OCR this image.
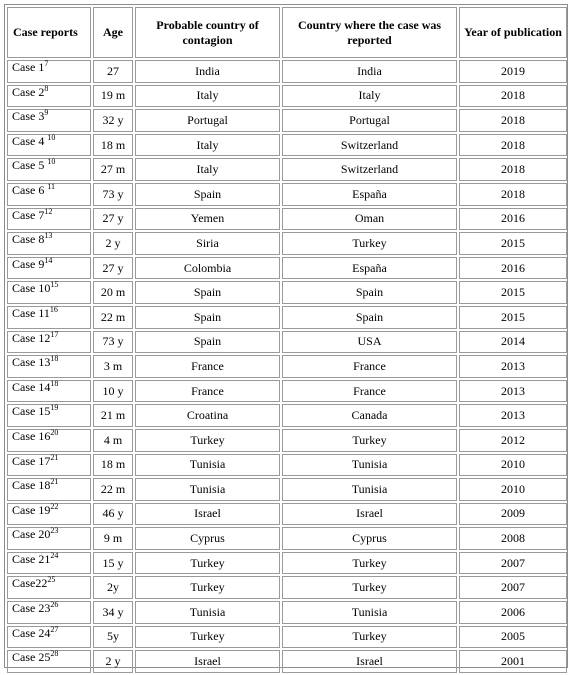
Case reports	Age	Probable country of contagion	Country where the case was reported	Year of publication
Case $1^7$	27	India	India	2019
Case $2^8$	19 m	Italy	Italy	2018
Case $3^9$	32 y	Portugal	Portugal	2018
Case 4 $^{10}$	18 m	Italy	Switzerland	2018
Case 5 $^{10}$	27 m	Italy	Switzerland	2018
Case 6 $^{11}$	73 y	Spain	España	2018
Case $7^{12}$	27 y	Yemen	Oman	2016
Case $8^{13}$	2 y	Siria	Turkey	2015
Case $9^{14}$	27 y	Colombia	España	2016
Case $10^{15}$	20 m	Spain	Spain	2015
Case $11^{16}$	22 m	Spain	Spain	2015
Case $12^{17}$	73 y	Spain	USA	2014
Case $13^{18}$	3 m	France	France	2013
Case $14^{18}$	10 y	France	France	2013
Case $15^{19}$	21 m	Croatina	Canada	2013
Case $16^{20}$	4 m	Turkey	Turkey	2012
Case $17^{21}$	18 m	Tunisia	Tunisia	2010
Case $18^{21}$	22 m	Tunisia	Tunisia	2010
Case $19^{22}$	46 y	Israel	Israel	2009
Case $20^{23}$	9 m	Cyprus	Cyprus	2008
Case $21^{24}$	15 y	Turkey	Turkey	2007
$Case22^{25}$	2y	Turkey	Turkey	2007
Case $23^{26}$	34 y	Tunisia	Tunisia	2006
Case $24^{27}$	5y	Turkey	Turkey	2005
Case $25^{28}$	2 y	Israel	Israel	2001
